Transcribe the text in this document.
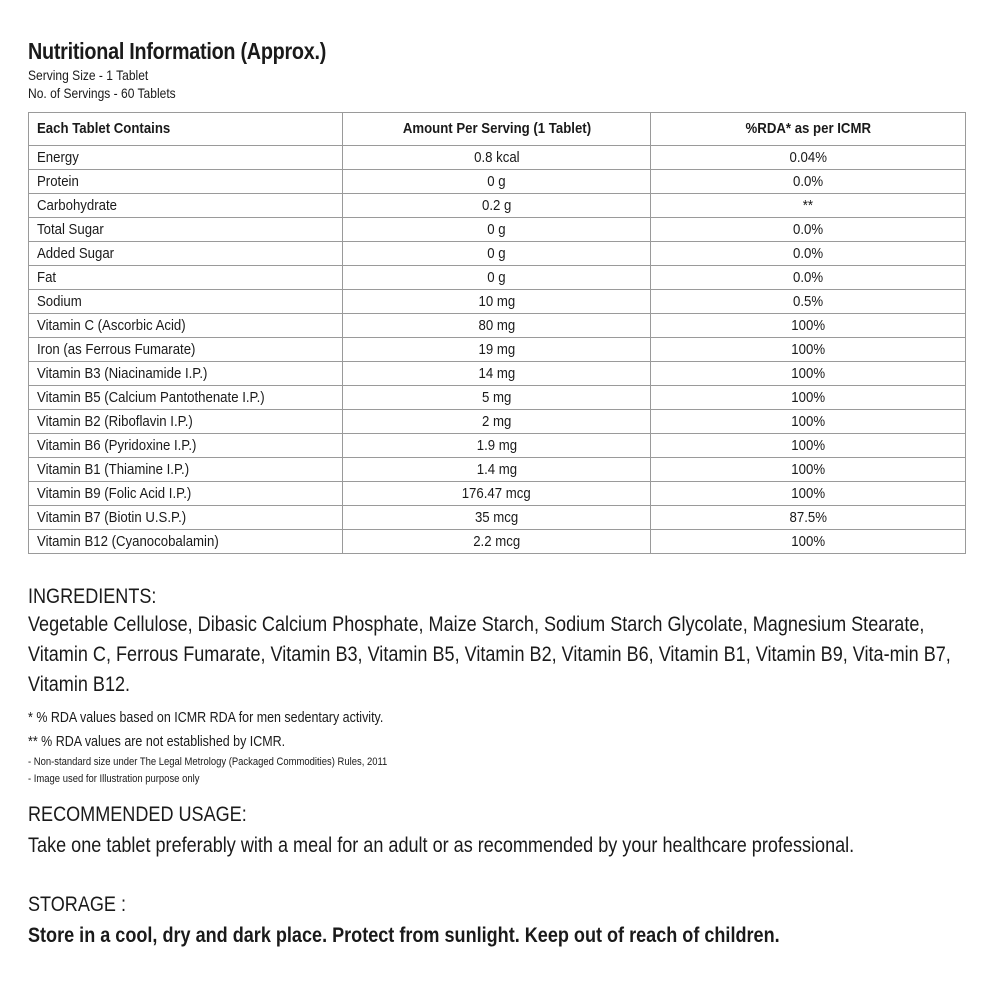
Nutritional Information (Approx.)

Serving Size - 1 Tablet

No. of Servings - 60 Tablets

Each Tablet Contains	Amount Per Serving (1 Tablet)	%RDA* as per ICMR
Energy	0.8 kcal	0.04%
Protein	0 g	0.0%
Carbohydrate	0.2 g	**
Total Sugar	0 g	0.0%
Added Sugar	0 g	0.0%
Fat	0 g	0.0%
Sodium	10 mg	0.5%
Vitamin C (Ascorbic Acid)	80 mg	100%
Iron (as Ferrous Fumarate)	19 mg	100%
Vitamin B3 (Niacinamide I.P.)	14 mg	100%
Vitamin B5 (Calcium Pantothenate I.P.)	5 mg	100%
Vitamin B2 (Riboflavin I.P.)	2 mg	100%
Vitamin B6 (Pyridoxine I.P.)	1.9 mg	100%
Vitamin B1 (Thiamine I.P.)	1.4 mg	100%
Vitamin B9 (Folic Acid I.P.)	176.47 mcg	100%
Vitamin B7 (Biotin U.S.P.)	35 mcg	87.5%
Vitamin B12 (Cyanocobalamin)	2.2 mcg	100%
INGREDIENTS:

Vegetable Cellulose, Dibasic Calcium Phosphate, Maize Starch, Sodium Starch Glycolate, Magnesium Stearate, Vitamin C, Ferrous Fumarate, Vitamin B3, Vitamin B5, Vitamin B2, Vitamin B6, Vitamin B1, Vitamin B9, Vita-min B7, Vitamin B12.

* % RDA values based on ICMR RDA for men sedentary activity.

** % RDA values are not established by ICMR.

- Non-standard size under The Legal Metrology (Packaged Commodities) Rules, 2011

- Image used for Illustration purpose only

RECOMMENDED USAGE:

Take one tablet preferably with a meal for an adult or as recommended by your healthcare professional.

STORAGE :

Store in a cool, dry and dark place. Protect from sunlight. Keep out of reach of children.
